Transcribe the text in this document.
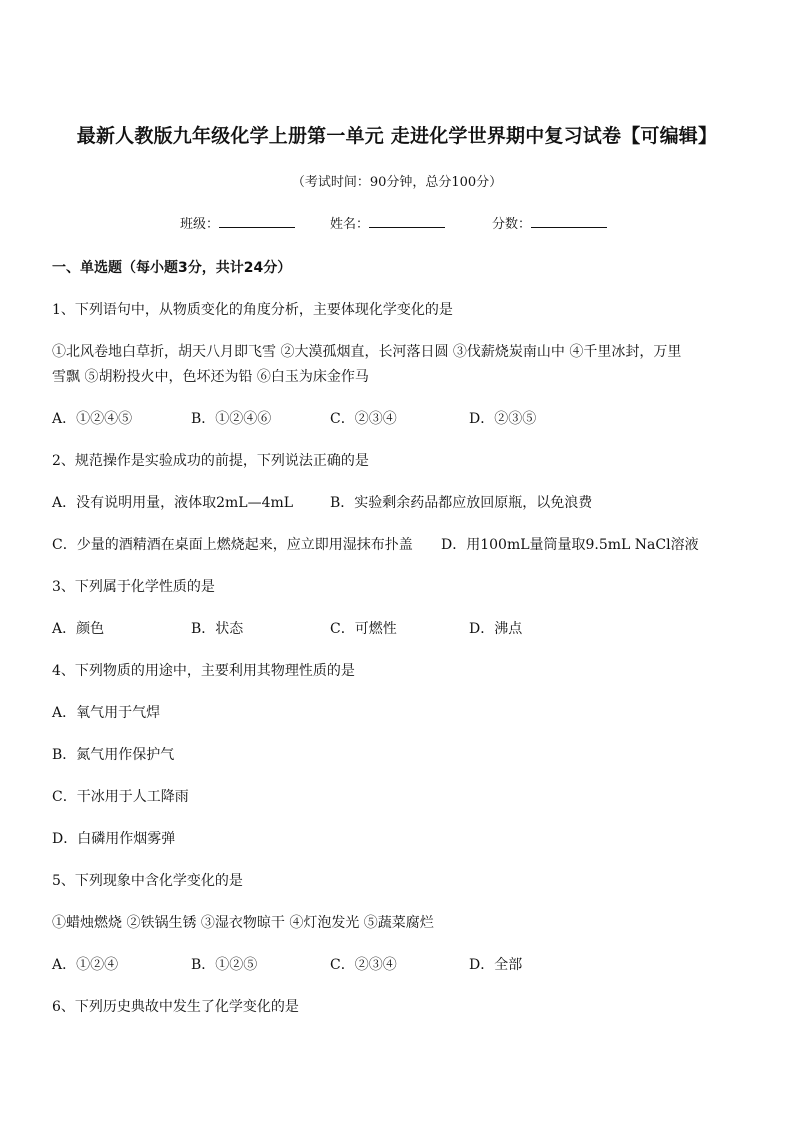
最新人教版九年级化学上册第一单元 走进化学世界期中复习试卷【可编辑】
（考试时间：90分钟，总分100分）
班级：	姓名：	分数：
一、单选题（每小题3分，共计24分）
1、下列语句中，从物质变化的角度分析，主要体现化学变化的是
①北风卷地白草折，胡天八月即飞雪 ②大漠孤烟直，长河落日圆 ③伐薪烧炭南山中 ④千里冰封，万里
雪飘 ⑤胡粉投火中，色坏还为铅 ⑥白玉为床金作马
A．①②④⑤	B．①②④⑥	C．②③④	D．②③⑤
2、规范操作是实验成功的前提，下列说法正确的是
A．没有说明用量，液体取2mL—4mL	B．实验剩余药品都应放回原瓶，以免浪费
C．少量的酒精酒在桌面上燃烧起来，应立即用湿抹布扑盖 D．用100mL量筒量取9.5mL NaCl溶液
3、下列属于化学性质的是
A．颜色	B．状态	C．可燃性	D．沸点
4、下列物质的用途中，主要利用其物理性质的是
A．氧气用于气焊
B．氮气用作保护气
C．干冰用于人工降雨
D．白磷用作烟雾弹
5、下列现象中含化学变化的是
①蜡烛燃烧 ②铁锅生锈 ③湿衣物晾干 ④灯泡发光 ⑤蔬菜腐烂
A．①②④	B．①②⑤	C．②③④	D．全部
6、下列历史典故中发生了化学变化的是
